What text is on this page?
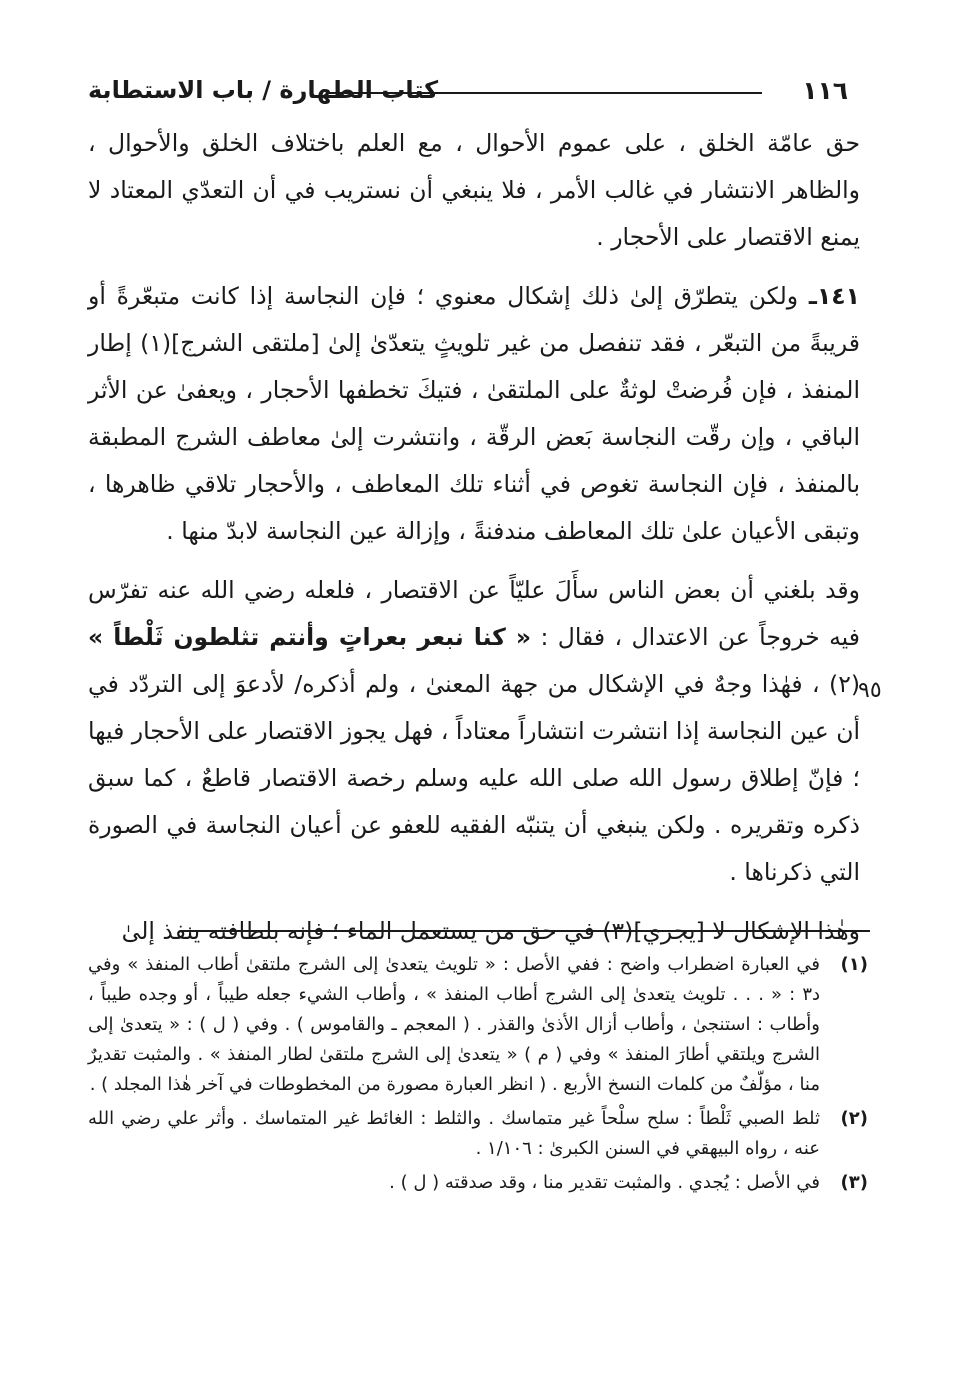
١١٦
كتاب الطهارة / باب الاستطابة

حق عامّة الخلق ، على عموم الأحوال ، مع العلم باختلاف الخلق والأحوال ، والظاهر الانتشار في غالب الأمر ، فلا ينبغي أن نستريب في أن التعدّي المعتاد لا يمنع الاقتصار على الأحجار .

١٤١ـ ولكن يتطرّق إلىٰ ذلك إشكال معنوي ؛ فإن النجاسة إذا كانت متبعّرةً أو قريبةً من التبعّر ، فقد تنفصل من غير تلويثٍ يتعدّىٰ إلىٰ [ملتقى الشرج](١) إطار المنفذ ، فإن فُرضتْ لوثةٌ على الملتقىٰ ، فتيكَ تخطفها الأحجار ، ويعفىٰ عن الأثر الباقي ، وإن رقّت النجاسة بَعض الرقّة ، وانتشرت إلىٰ معاطف الشرج المطبقة بالمنفذ ، فإن النجاسة تغوص في أثناء تلك المعاطف ، والأحجار تلاقي ظاهرها ، وتبقى الأعيان علىٰ تلك المعاطف مندفنةً ، وإزالة عين النجاسة لابدّ منها .

وقد بلغني أن بعض الناس سأَلَ عليّاً عن الاقتصار ، فلعله رضي الله عنه تفرّس فيه خروجاً عن الاعتدال ، فقال : « كنا نبعر بعراتٍ وأنتم تثلطون ثَلْطاً » (٢) ، فهٰذا وجهٌ في الإشكال من جهة المعنىٰ ، ولم أذكره/ لأدعوَ إلى التردّد في أن عين النجاسة إذا انتشرت انتشاراً معتاداً ، فهل يجوز الاقتصار على الأحجار فيها ؛ فإنّ إطلاق رسول الله صلى الله عليه وسلم رخصة الاقتصار قاطعٌ ، كما سبق ذكره وتقريره . ولكن ينبغي أن يتنبّه الفقيه للعفو عن أعيان النجاسة في الصورة التي ذكرناها .

وهٰذا الإشكال لا [يجري](٣) في حق من يستعمل الماء ؛ فإنه بلطافته ينفذ إلىٰ

٩٥
(١)
في العبارة اضطراب واضح : ففي الأصل : « تلويث يتعدىٰ إلى الشرج ملتقىٰ أطاب المنفذ » وفي د٣ : « . . . تلويث يتعدىٰ إلى الشرج أطاب المنفذ » ، وأطاب الشيء جعله طيباً ، أو وجده طيباً ، وأطاب : استنجىٰ ، وأطاب أزال الأذىٰ والقذر . ( المعجم ـ والقاموس ) . وفي ( ل ) : « يتعدىٰ إلى الشرج ويلتقي أطارَ المنفذ » وفي ( م ) « يتعدىٰ إلى الشرج ملتقىٰ لطار المنفذ » . والمثبت تقديرٌ منا ، مؤلّفٌ من كلمات النسخ الأربع . ( انظر العبارة مصورة من المخطوطات في آخر هٰذا المجلد ) .
(٢)
ثلط الصبي ثَلْطاً : سلح سلْحاً غير متماسك . والثلط : الغائط غير المتماسك . وأثر علي رضي الله عنه ، رواه البيهقي في السنن الكبرىٰ : ١/١٠٦ .
(٣)
في الأصل : يُجدي . والمثبت تقدير منا ، وقد صدقته ( ل ) .
